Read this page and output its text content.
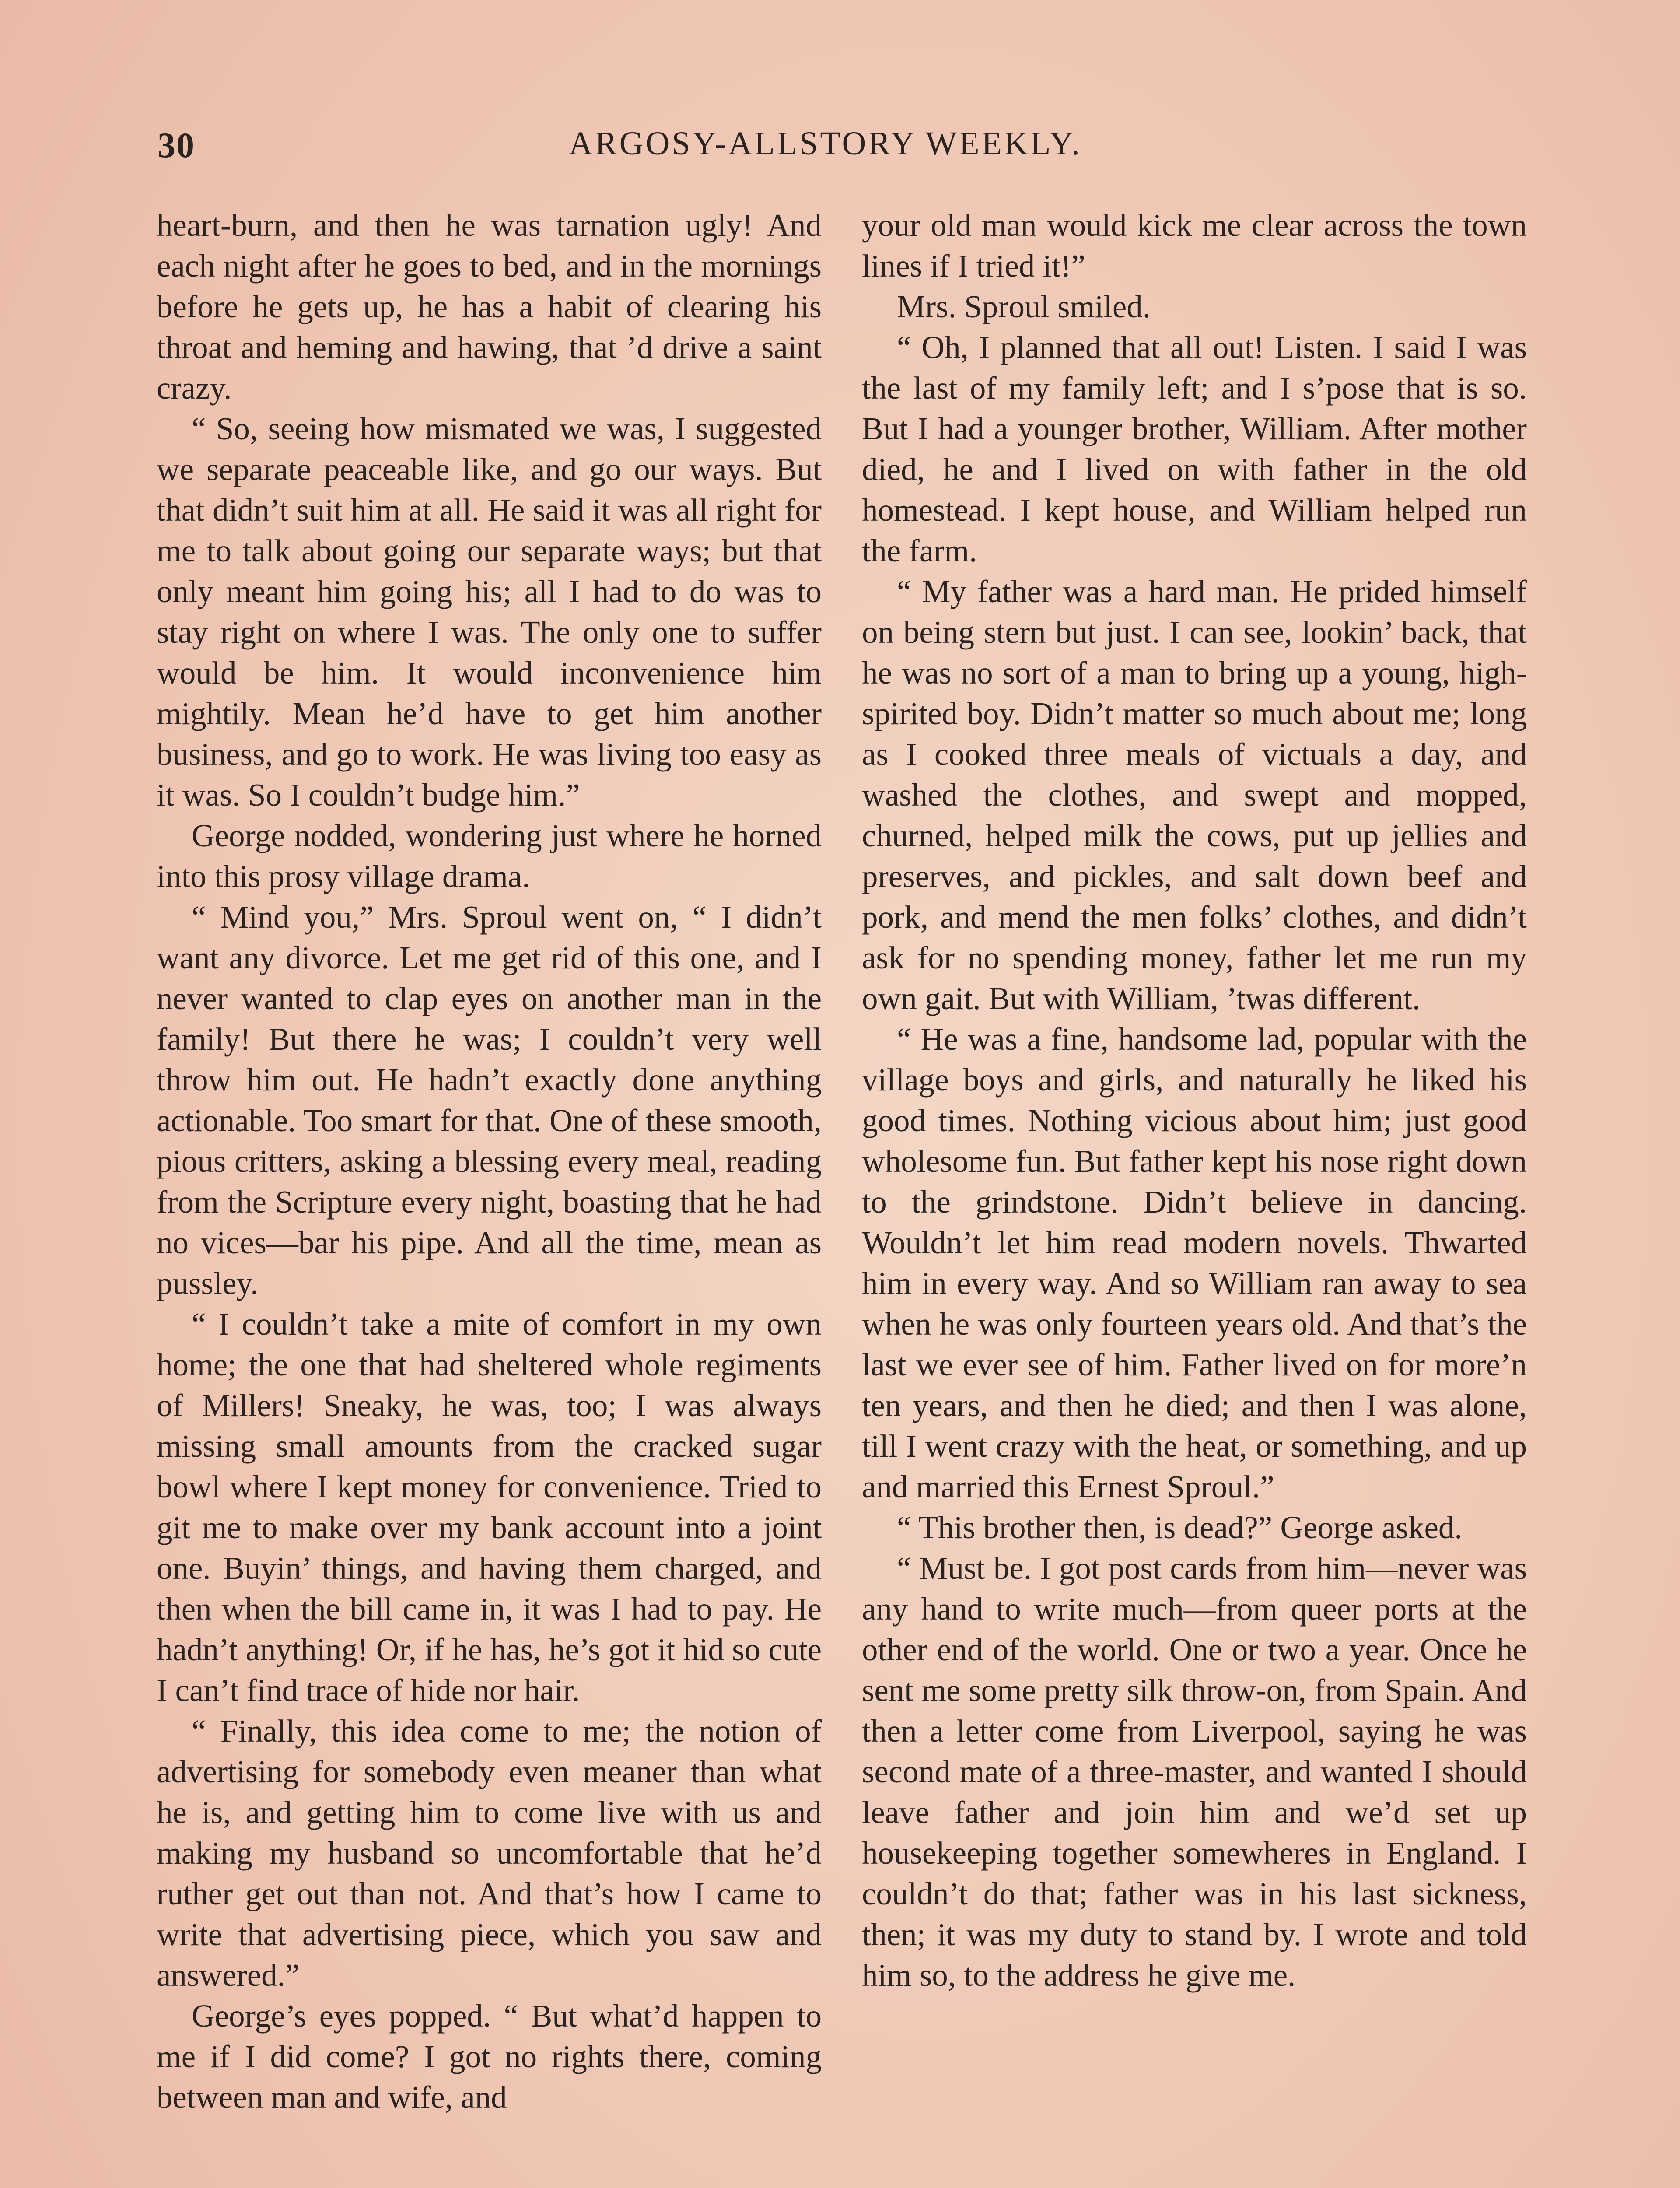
30	ARGOSY-ALLSTORY WEEKLY.

heart-burn, and then he was tarnation ugly! And each night after he goes to bed, and in the mornings before he gets up, he has a habit of clearing his throat and heming and hawing, that ’d drive a saint crazy.

“ So, seeing how mismated we was, I suggested we separate peaceable like, and go our ways. But that didn’t suit him at all. He said it was all right for me to talk about going our separate ways; but that only meant him going his; all I had to do was to stay right on where I was. The only one to suffer would be him. It would inconvenience him mightily. Mean he’d have to get him another business, and go to work. He was living too easy as it was. So I couldn’t budge him.”

George nodded, wondering just where he horned into this prosy village drama.

“ Mind you,” Mrs. Sproul went on, “ I didn’t want any divorce. Let me get rid of this one, and I never wanted to clap eyes on another man in the family! But there he was; I couldn’t very well throw him out. He hadn’t exactly done anything actionable. Too smart for that. One of these smooth, pious critters, asking a blessing every meal, reading from the Scripture every night, boasting that he had no vices—bar his pipe. And all the time, mean as pussley.

“ I couldn’t take a mite of comfort in my own home; the one that had sheltered whole regiments of Millers! Sneaky, he was, too; I was always missing small amounts from the cracked sugar bowl where I kept money for convenience. Tried to git me to make over my bank account into a joint one. Buyin’ things, and having them charged, and then when the bill came in, it was I had to pay. He hadn’t anything! Or, if he has, he’s got it hid so cute I can’t find trace of hide nor hair.

“ Finally, this idea come to me; the notion of advertising for somebody even meaner than what he is, and getting him to come live with us and making my husband so uncomfortable that he’d ruther get out than not. And that’s how I came to write that advertising piece, which you saw and answered.”

George’s eyes popped. “ But what’d happen to me if I did come? I got no rights there, coming between man and wife, and

your old man would kick me clear across the town lines if I tried it!”

Mrs. Sproul smiled.

“ Oh, I planned that all out! Listen. I said I was the last of my family left; and I s’pose that is so. But I had a younger brother, William. After mother died, he and I lived on with father in the old homestead. I kept house, and William helped run the farm.

“ My father was a hard man. He prided himself on being stern but just. I can see, lookin’ back, that he was no sort of a man to bring up a young, high-spirited boy. Didn’t matter so much about me; long as I cooked three meals of victuals a day, and washed the clothes, and swept and mopped, churned, helped milk the cows, put up jellies and preserves, and pickles, and salt down beef and pork, and mend the men folks’ clothes, and didn’t ask for no spending money, father let me run my own gait. But with William, ’twas different.

“ He was a fine, handsome lad, popular with the village boys and girls, and naturally he liked his good times. Nothing vicious about him; just good wholesome fun. But father kept his nose right down to the grindstone. Didn’t believe in dancing. Wouldn’t let him read modern novels. Thwarted him in every way. And so William ran away to sea when he was only fourteen years old. And that’s the last we ever see of him. Father lived on for more’n ten years, and then he died; and then I was alone, till I went crazy with the heat, or something, and up and married this Ernest Sproul.”

“ This brother then, is dead?” George asked.

“ Must be. I got post cards from him—never was any hand to write much—from queer ports at the other end of the world. One or two a year. Once he sent me some pretty silk throw-on, from Spain. And then a letter come from Liverpool, saying he was second mate of a three-master, and wanted I should leave father and join him and we’d set up housekeeping together somewheres in England. I couldn’t do that; father was in his last sickness, then; it was my duty to stand by. I wrote and told him so, to the address he give me.
